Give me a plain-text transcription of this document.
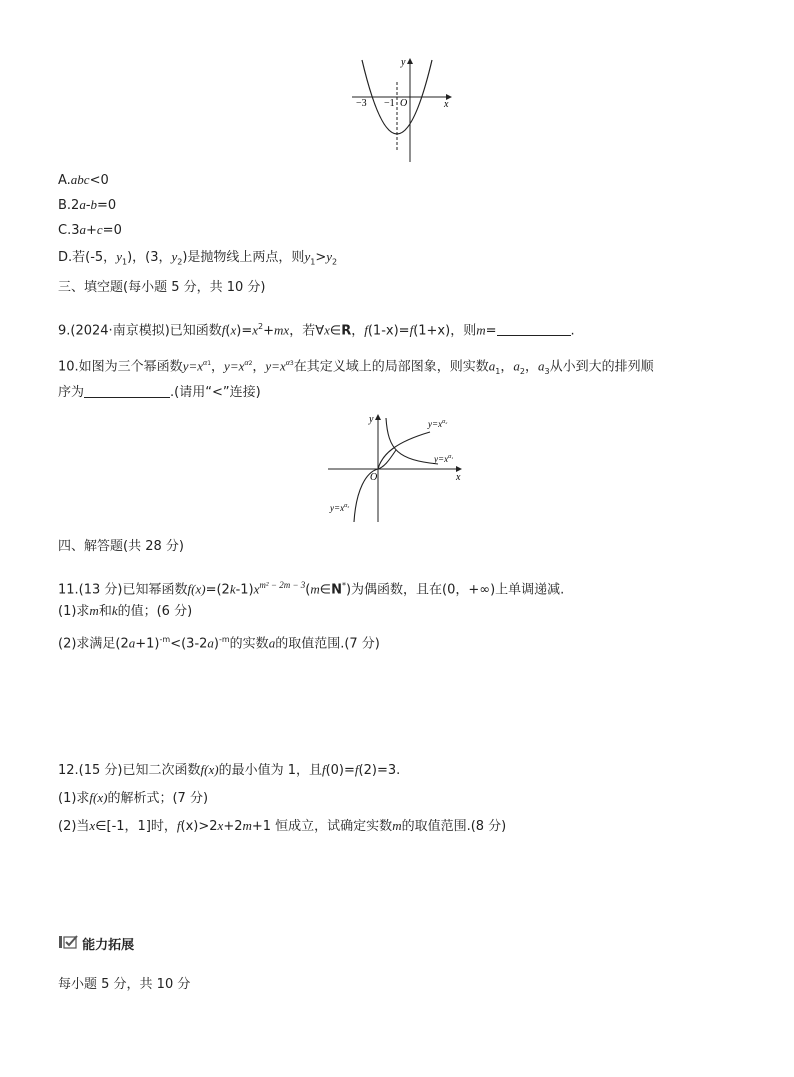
y
x
O
−3 −1
A.abc<0
B.2a-b=0
C.3a+c=0
D.若(-5，$y_1$)，(3，$y_2$)是抛物线上两点，则$y_1>y_2$
三、填空题(每小题 5 分，共 10 分)
9.(2024·南京模拟)已知函数$f(x)=x^2+mx$，若∀x∈R，f(1-x)=f(1+x)，则m=	.
10.如图为三个幂函数$y=x^{\alpha 1}$，$y=x^{\alpha 2}$，$y=x^{\alpha 3}$在其定义域上的局部图象，则实数$a_1$，$a_2$，$a_3$从小到大的排列顺
序为	.(请用“<”连接)
y
x
O
$y=x^{\alpha_2}$
$y=x^{\alpha_1}$
$y=x^{\alpha_3}$
四、解答题(共 28 分)
11.(13 分)已知幂函数$f(x)=(2k-1)x^{m^2 - 2m - 3}(m\in N^*)$为偶函数，且在(0，+∞)上单调递减.
(1)求m和k的值；(6 分)
(2)求满足$(2a+1)^{-m}<(3-2a)^{-m}$的实数a的取值范围.(7 分)
12.(15 分)已知二次函数f(x)的最小值为 1，且f(0)=f(2)=3.
(1)求f(x)的解析式；(7 分)
(2)当x∈[-1，1]时，f(x)>2x+2m+1 恒成立，试确定实数m的取值范围.(8 分)
能力拓展
每小题 5 分，共 10 分
